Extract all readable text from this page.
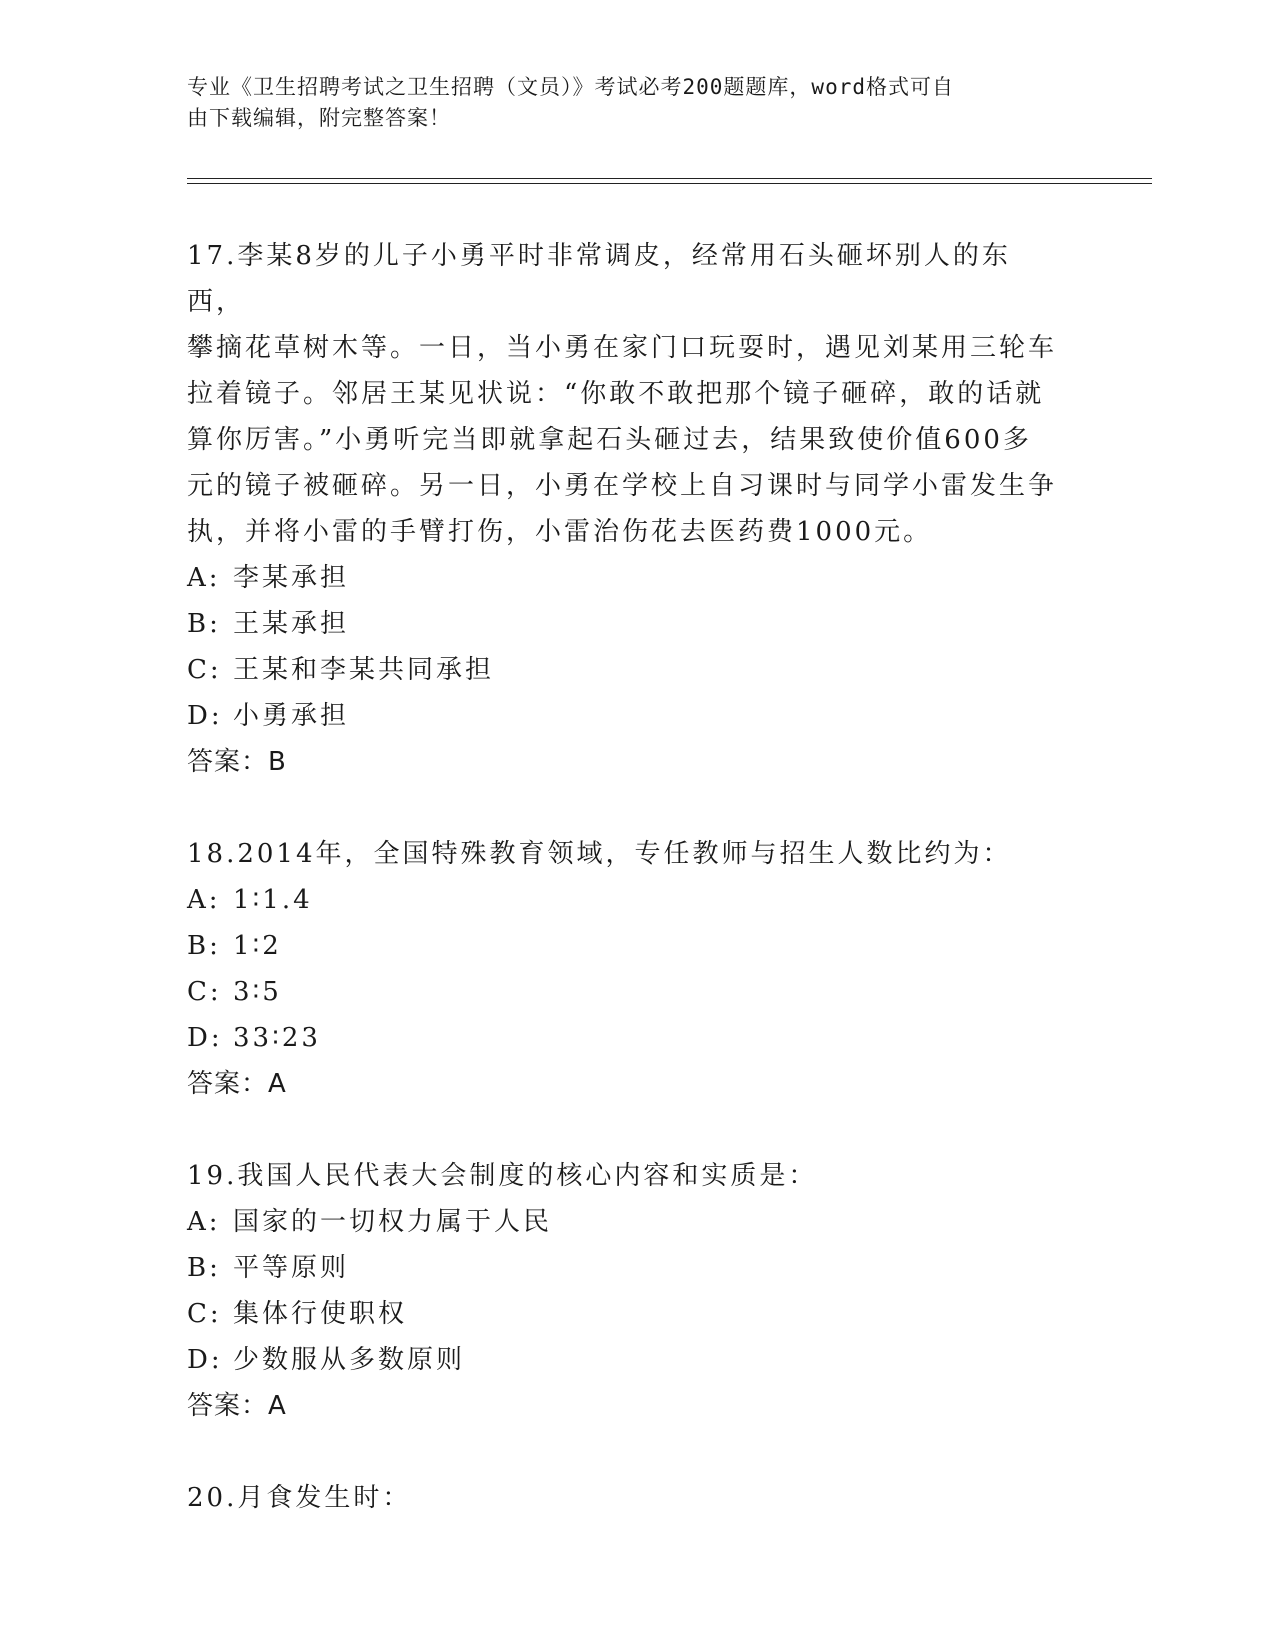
专业《卫生招聘考试之卫生招聘（文员）》考试必考200题题库，word格式可自
由下载编辑，附完整答案！
17.李某8岁的儿子小勇平时非常调皮，经常用石头砸坏别人的东西，
攀摘花草树木等。一日，当小勇在家门口玩耍时，遇见刘某用三轮车
拉着镜子。邻居王某见状说：“你敢不敢把那个镜子砸碎，敢的话就
算你厉害。”小勇听完当即就拿起石头砸过去，结果致使价值600多
元的镜子被砸碎。另一日，小勇在学校上自习课时与同学小雷发生争
执，并将小雷的手臂打伤，小雷治伤花去医药费1000元。
A: 李某承担
B: 王某承担
C: 王某和李某共同承担
D: 小勇承担
答案：B
18.2014年，全国特殊教育领域，专任教师与招生人数比约为：
A: 1∶1.4
B: 1∶2
C: 3∶5
D: 33∶23
答案：A
19.我国人民代表大会制度的核心内容和实质是：
A: 国家的一切权力属于人民
B: 平等原则
C: 集体行使职权
D: 少数服从多数原则
答案：A
20.月食发生时：
